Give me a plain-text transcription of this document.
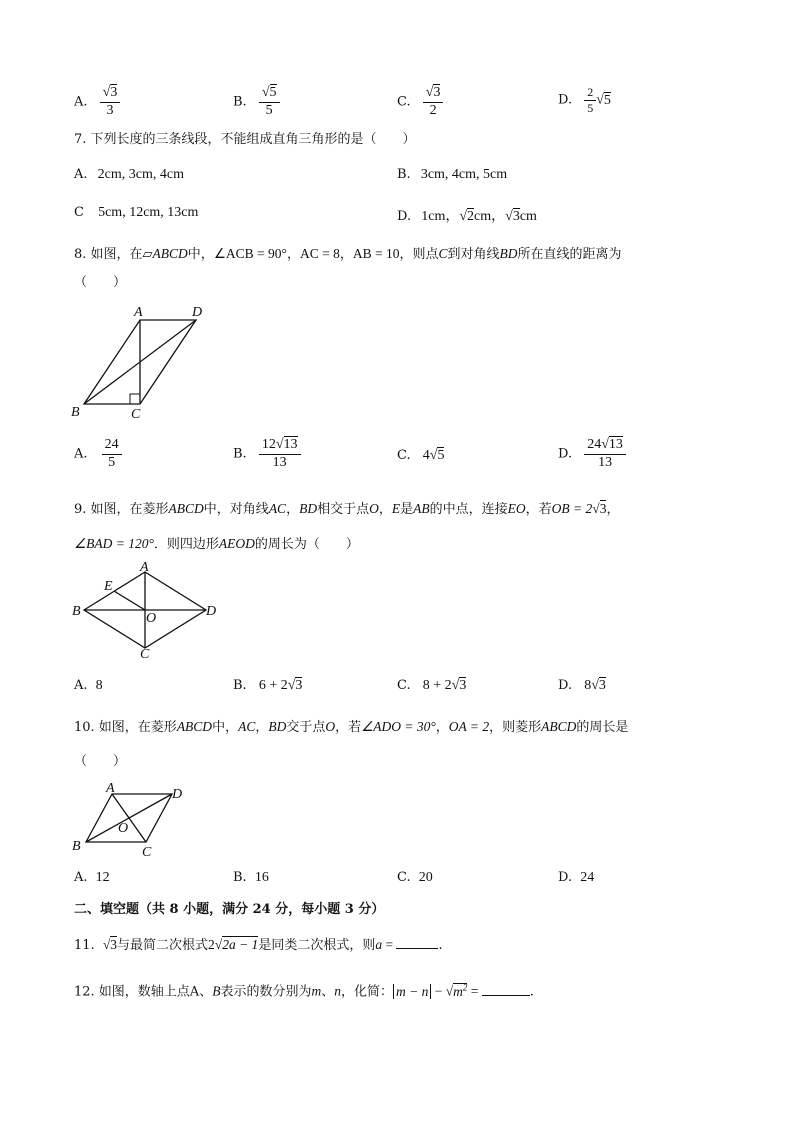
A. $\frac{√3}{3}$	B. $\frac{√5}{5}$	C. $\frac{√3}{2}$	D. $\frac{2}{5} √5$
7. 下列长度的三条线段，不能组成直角三角形的是（　　）
A. 2cm, 3cm, 4cm	B. 3cm, 4cm, 5cm
C 5cm, 12cm, 13cm	D. 1cm，√2cm，√3cm
8. 如图，在▱ABCD中，∠ACB = 90°，AC = 8，AB = 10，则点C到对角线BD所在直线的距离为
（　　）
A	D
B	C
A. $\frac{24}{5}$	B. $\frac{12√13}{13}$	C. 4√5	D. $\frac{24√13}{13}$
9. 如图，在菱形ABCD中，对角线AC，BD相交于点O，E是AB的中点，连接EO，若OB = 2√3，
∠BAD = 120°．则四边形AEOD的周长为（　　）
A
B	D
C
E
O
A. 8	B. 6 + 2√3	C. 8 + 2√3	D. 8√3
10. 如图，在菱形ABCD中，AC，BD交于点O，若∠ADO = 30°，OA = 2，则菱形ABCD的周长是
（　　）
A	D
B	C
O
A. 12	B. 16	C. 20	D. 24
二、填空题（共 8 小题，满分 24 分，每小题 3 分）
11. √3与最简二次根式2√2a − 1是同类二次根式，则a =	.
12. 如图，数轴上点A、B表示的数分别为m、n，化简： $m - n - √m^2$ =	.
